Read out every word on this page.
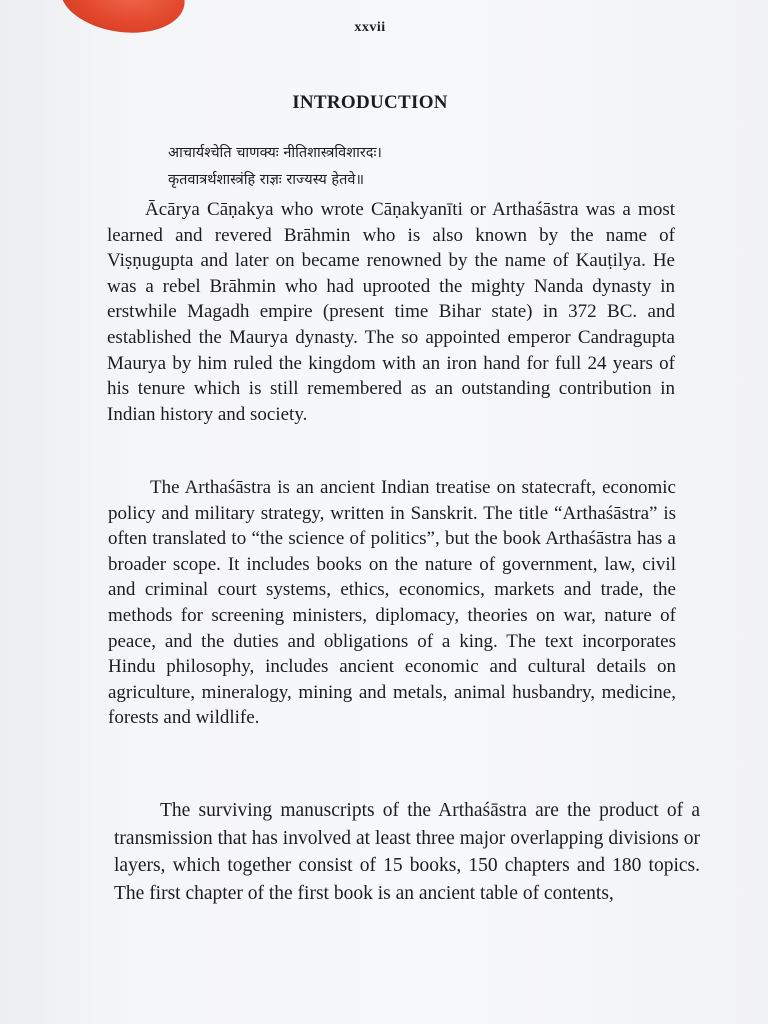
xxvii
INTRODUCTION
आचार्यश्चेति चाणक्यः नीतिशास्त्रविशारदः।
कृतवात्रर्थशास्त्रंहि राज्ञः राज्यस्य हेतवे॥

Ācārya Cāṇakya who wrote Cāṇakyanīti or Arthaśāstra was a most learned and revered Brāhmin who is also known by the name of Viṣṇugupta and later on became renowned by the name of Kauṭilya. He was a rebel Brāhmin who had uprooted the mighty Nanda dynasty in erstwhile Magadh empire (present time Bihar state) in 372 BC. and established the Maurya dynasty. The so appointed emperor Candragupta Maurya by him ruled the kingdom with an iron hand for full 24 years of his tenure which is still remembered as an outstanding contribution in Indian history and society.

The Arthaśāstra is an ancient Indian treatise on statecraft, economic policy and military strategy, written in Sanskrit. The title “Arthaśāstra” is often translated to “the science of politics”, but the book Arthaśāstra has a broader scope. It includes books on the nature of government, law, civil and criminal court systems, ethics, economics, markets and trade, the methods for screening ministers, diplomacy, theories on war, nature of peace, and the duties and obligations of a king. The text incorporates Hindu philosophy, includes ancient economic and cultural details on agriculture, mineralogy, mining and metals, animal husbandry, medicine, forests and wildlife.

The surviving manuscripts of the Arthaśāstra are the product of a transmission that has involved at least three major overlapping divisions or layers, which together consist of 15 books, 150 chapters and 180 topics. The first chapter of the first book is an ancient table of contents,
